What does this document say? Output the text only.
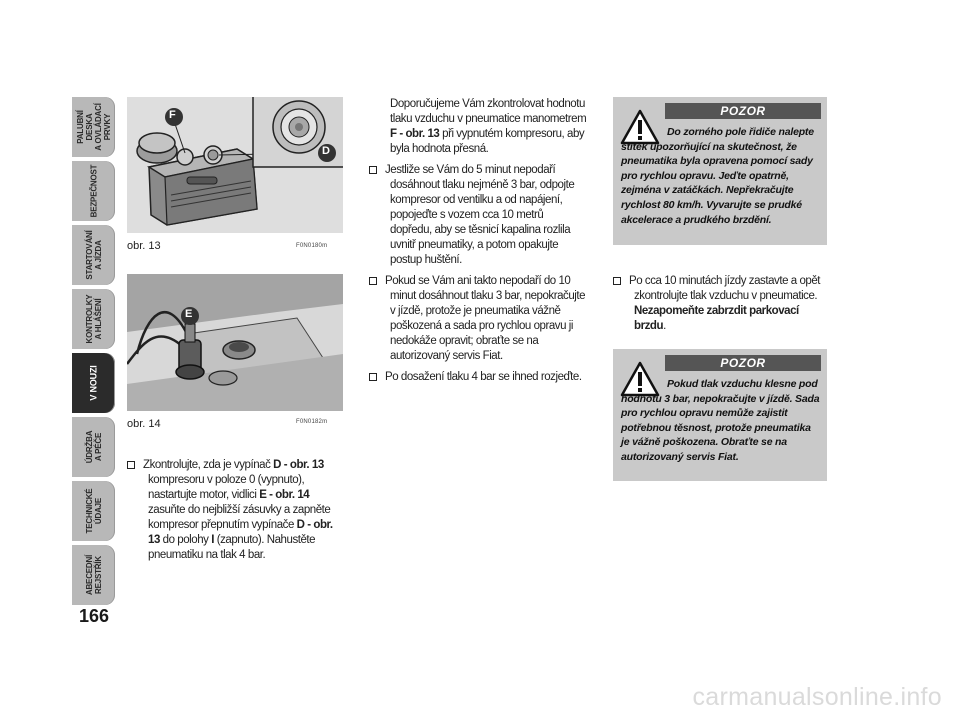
PALUBNÍ DESKA
A OVLÁDACÍ PRVKY
BEZPEČNOST
STARTOVÁNÍ
A JÍZDA
KONTROLKY
A HLÁŠENÍ
V NOUZI
ÚDRŽBA
A PÉČE
TECHNICKÉ
ÚDAJE
ABECEDNÍ
REJSTŘÍK
166
F
D
obr. 13	F0N0180m
E
obr. 14	F0N0182m

Zkontrolujte, zda je vypínač D - obr. 13 kompresoru v poloze 0 (vypnuto), nastartujte motor, vidlici E - obr. 14 zasuňte do nejbližší zásuvky a zapněte kompresor přepnutím vypínače D - obr. 13 do polohy I (zapnuto). Nahustěte pneumatiku na tlak 4 bar.

Doporučujeme Vám zkontrolovat hodnotu tlaku vzduchu v pneumatice manometrem F - obr. 13 při vypnutém kompresoru, aby byla hodnota přesná.

Jestliže se Vám do 5 minut nepodaří dosáhnout tlaku nejméně 3 bar, odpojte kompresor od ventilku a od napájení, popojeďte s vozem cca 10 metrů dopředu, aby se těsnicí kapalina rozlila uvnitř pneumatiky, a potom opakujte postup huštění.

Pokud se Vám ani takto nepodaří do 10 minut dosáhnout tlaku 3 bar, nepokračujte v jízdě, protože je pneumatika vážně poškozená a sada pro rychlou opravu ji nedokáže opravit; obraťte se na autorizovaný servis Fiat.

Po dosažení tlaku 4 bar se ihned rozjeďte.

POZOR
Do zorného pole řidiče nalepte štítek upozorňující na skutečnost, že pneumatika byla opravena pomocí sady pro rychlou opravu. Jeďte opatrně, zejména v zatáčkách. Nepřekračujte rychlost 80 km/h. Vyvarujte se prudké akcelerace a prudkého brzdění.

Po cca 10 minutách jízdy zastavte a opět zkontrolujte tlak vzduchu v pneumatice. Nezapomeňte zabrzdit parkovací brzdu.

POZOR
Pokud tlak vzduchu klesne pod hodnotu 3 bar, nepokračujte v jízdě. Sada pro rychlou opravu nemůže zajistit potřebnou těsnost, protože pneumatika je vážně poškozena. Obraťte se na autorizovaný servis Fiat.
carmanualsonline.info
